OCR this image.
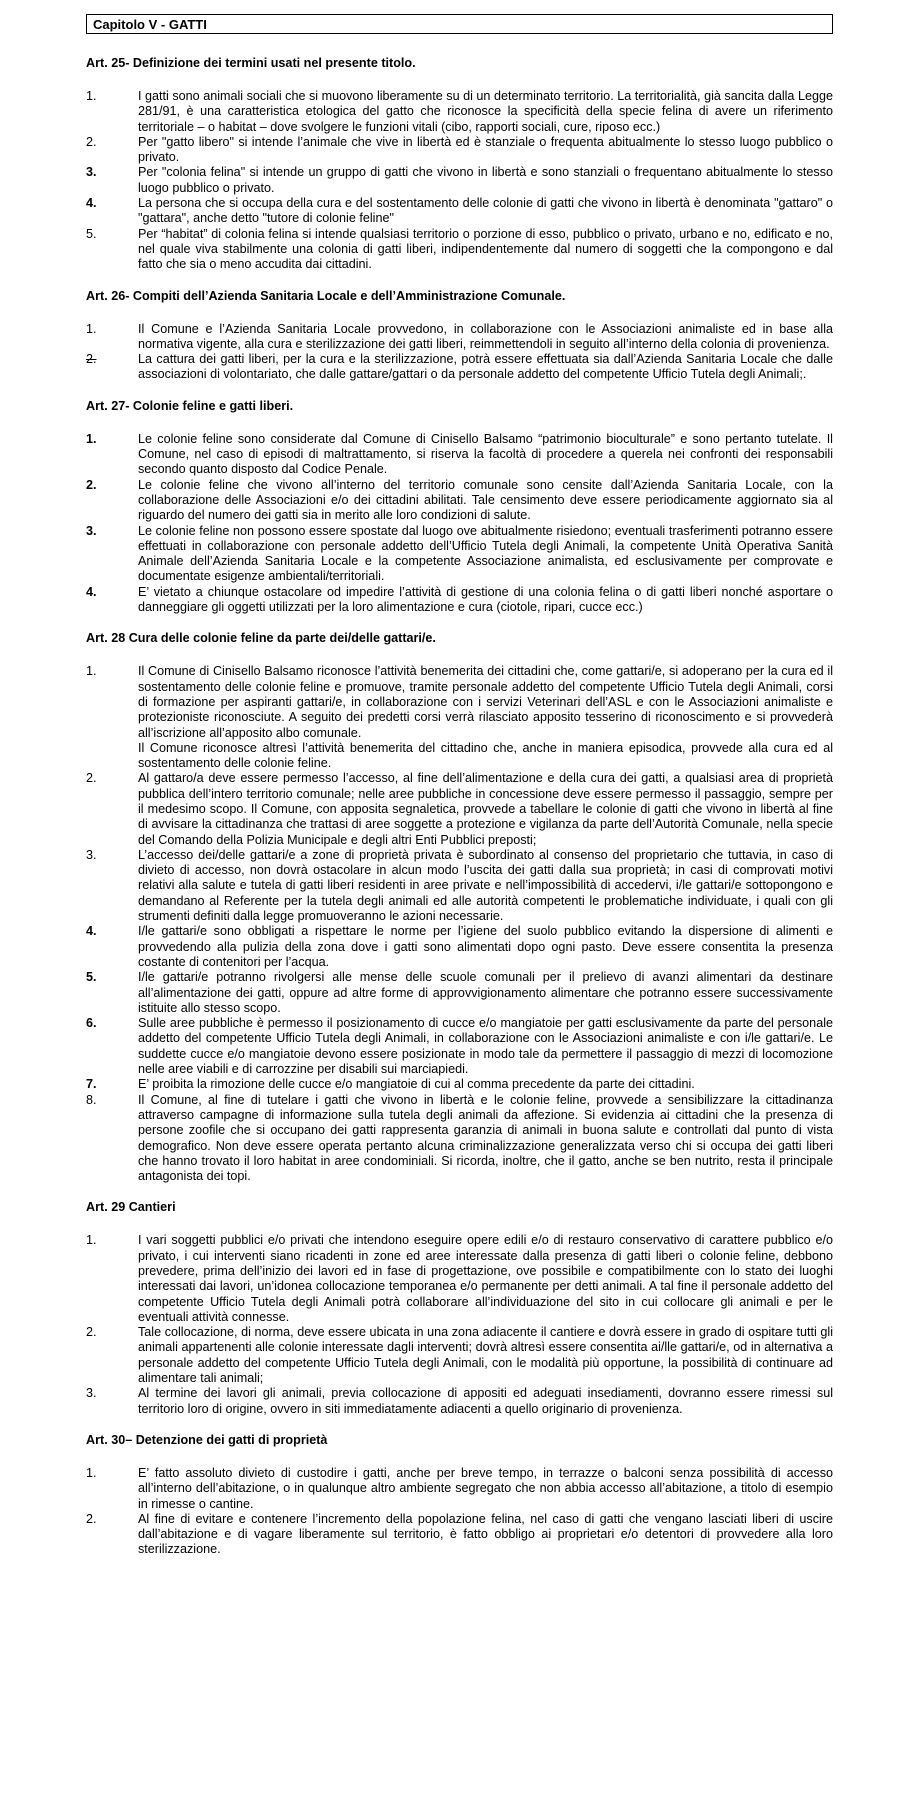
Capitolo V - GATTI
Art. 25- Definizione dei termini usati nel presente titolo.
1.	I gatti sono animali sociali che si muovono liberamente su di un determinato territorio. La territorialità, già sancita dalla Legge 281/91, è una caratteristica etologica del gatto che riconosce la specificità della specie felina di avere un riferimento territoriale – o habitat – dove svolgere le funzioni vitali (cibo, rapporti sociali, cure, riposo ecc.)
2.	Per "gatto libero" si intende l’animale che vive in libertà ed è stanziale o frequenta abitualmente lo stesso luogo pubblico o privato.
3.	Per "colonia felina" si intende un gruppo di gatti che vivono in libertà e sono stanziali o frequentano abitualmente lo stesso luogo pubblico o privato.
4.	La persona che si occupa della cura e del sostentamento delle colonie di gatti che vivono in libertà è denominata "gattaro" o "gattara", anche detto "tutore di colonie feline"
5.	Per “habitat” di colonia felina si intende qualsiasi territorio o porzione di esso, pubblico o privato, urbano e no, edificato e no, nel quale viva stabilmente una colonia di gatti liberi, indipendentemente dal numero di soggetti che la compongono e dal fatto che sia o meno accudita dai cittadini.
Art. 26- Compiti dell’Azienda Sanitaria Locale e dell’Amministrazione Comunale.
1.	Il Comune e l’Azienda Sanitaria Locale provvedono, in collaborazione con le Associazioni animaliste ed in base alla normativa vigente, alla cura e sterilizzazione dei gatti liberi, reimmettendoli in seguito all’interno della colonia di provenienza.
2.	La cattura dei gatti liberi, per la cura e la sterilizzazione, potrà essere effettuata sia dall’Azienda Sanitaria Locale che dalle associazioni di volontariato, che dalle gattare/gattari o da personale addetto del competente Ufficio Tutela degli Animali;.
Art. 27- Colonie feline e gatti liberi.
1.	Le colonie feline sono considerate dal Comune di Cinisello Balsamo “patrimonio bioculturale” e sono pertanto tutelate. Il Comune, nel caso di episodi di maltrattamento, si riserva la facoltà di procedere a querela nei confronti dei responsabili secondo quanto disposto dal Codice Penale.
2.	Le colonie feline che vivono all’interno del territorio comunale sono censite dall’Azienda Sanitaria Locale, con la collaborazione delle Associazioni e/o dei cittadini abilitati. Tale censimento deve essere periodicamente aggiornato sia al riguardo del numero dei gatti sia in merito alle loro condizioni di salute.
3.	Le colonie feline non possono essere spostate dal luogo ove abitualmente risiedono; eventuali trasferimenti potranno essere effettuati in collaborazione con personale addetto dell’Ufficio Tutela degli Animali, la competente Unità Operativa Sanità Animale dell’Azienda Sanitaria Locale e la competente Associazione animalista, ed esclusivamente per comprovate e documentate esigenze ambientali/territoriali.
4.	E’ vietato a chiunque ostacolare od impedire l’attività di gestione di una colonia felina o di gatti liberi nonché asportare o danneggiare gli oggetti utilizzati per la loro alimentazione e cura (ciotole, ripari, cucce ecc.)
Art. 28 Cura delle colonie feline da parte dei/delle gattari/e.
1.	Il Comune di Cinisello Balsamo riconosce l’attività benemerita dei cittadini che, come gattari/e, si adoperano per la cura ed il sostentamento delle colonie feline e promuove, tramite personale addetto del competente Ufficio Tutela degli Animali, corsi di formazione per aspiranti gattari/e, in collaborazione con i servizi Veterinari dell’ASL e con le Associazioni animaliste e protezioniste riconosciute. A seguito dei predetti corsi verrà rilasciato apposito tesserino di riconoscimento e si provvederà all’iscrizione all’apposito albo comunale.
Il Comune riconosce altresì l’attività benemerita del cittadino che, anche in maniera episodica, provvede alla cura ed al sostentamento delle colonie feline.
2.	Al gattaro/a deve essere permesso l’accesso, al fine dell’alimentazione e della cura dei gatti, a qualsiasi area di proprietà pubblica dell’intero territorio comunale; nelle aree pubbliche in concessione deve essere permesso il passaggio, sempre per il medesimo scopo. Il Comune, con apposita segnaletica, provvede a tabellare le colonie di gatti che vivono in libertà al fine di avvisare la cittadinanza che trattasi di aree soggette a protezione e vigilanza da parte dell’Autorità Comunale, nella specie del Comando della Polizia Municipale e degli altri Enti Pubblici preposti;
3.	L’accesso dei/delle gattari/e a zone di proprietà privata è subordinato al consenso del proprietario che tuttavia, in caso di divieto di accesso, non dovrà ostacolare in alcun modo l’uscita dei gatti dalla sua proprietà; in casi di comprovati motivi relativi alla salute e tutela di gatti liberi residenti in aree private e nell’impossibilità di accedervi, i/le gattari/e sottopongono e demandano al Referente per la tutela degli animali ed alle autorità competenti le problematiche individuate, i quali con gli strumenti definiti dalla legge promuoveranno le azioni necessarie.
4.	I/le gattari/e sono obbligati a rispettare le norme per l’igiene del suolo pubblico evitando la dispersione di alimenti e provvedendo alla pulizia della zona dove i gatti sono alimentati dopo ogni pasto. Deve essere consentita la presenza costante di contenitori per l’acqua.
5.	I/le gattari/e potranno rivolgersi alle mense delle scuole comunali per il prelievo di avanzi alimentari da destinare all’alimentazione dei gatti, oppure ad altre forme di approvvigionamento alimentare che potranno essere successivamente istituite allo stesso scopo.
6.	Sulle aree pubbliche è permesso il posizionamento di cucce e/o mangiatoie per gatti esclusivamente da parte del personale addetto del competente Ufficio Tutela degli Animali, in collaborazione con le Associazioni animaliste e con i/le gattari/e. Le suddette cucce e/o mangiatoie devono essere posizionate in modo tale da permettere il passaggio di mezzi di locomozione nelle aree viabili e di carrozzine per disabili sui marciapiedi.
7.	E’ proibita la rimozione delle cucce e/o mangiatoie di cui al comma precedente da parte dei cittadini.
8.	Il Comune, al fine di tutelare i gatti che vivono in libertà e le colonie feline, provvede a sensibilizzare la cittadinanza attraverso campagne di informazione sulla tutela degli animali da affezione. Si evidenzia ai cittadini che la presenza di persone zoofile che si occupano dei gatti rappresenta garanzia di animali in buona salute e controllati dal punto di vista demografico. Non deve essere operata pertanto alcuna criminalizzazione generalizzata verso chi si occupa dei gatti liberi che hanno trovato il loro habitat in aree condominiali. Si ricorda, inoltre, che il gatto, anche se ben nutrito, resta il principale antagonista dei topi.
Art. 29 Cantieri
1.	I vari soggetti pubblici e/o privati che intendono eseguire opere edili e/o di restauro conservativo di carattere pubblico e/o privato, i cui interventi siano ricadenti in zone ed aree interessate dalla presenza di gatti liberi o colonie feline, debbono prevedere, prima dell’inizio dei lavori ed in fase di progettazione, ove possibile e compatibilmente con lo stato dei luoghi interessati dai lavori, un’idonea collocazione temporanea e/o permanente per detti animali. A tal fine il personale addetto del competente Ufficio Tutela degli Animali potrà collaborare all’individuazione del sito in cui collocare gli animali e per le eventuali attività connesse.
2.	Tale collocazione, di norma, deve essere ubicata in una zona adiacente il cantiere e dovrà essere in grado di ospitare tutti gli animali appartenenti alle colonie interessate dagli interventi; dovrà altresì essere consentita ai/lle gattari/e, od in alternativa a personale addetto del competente Ufficio Tutela degli Animali, con le modalità più opportune, la possibilità di continuare ad alimentare tali animali;
3.	Al termine dei lavori gli animali, previa collocazione di appositi ed adeguati insediamenti, dovranno essere rimessi sul territorio loro di origine, ovvero in siti immediatamente adiacenti a quello originario di provenienza.
Art. 30– Detenzione dei gatti di proprietà
1.	E’ fatto assoluto divieto di custodire i gatti, anche per breve tempo, in terrazze o balconi senza possibilità di accesso all’interno dell’abitazione, o in qualunque altro ambiente segregato che non abbia accesso all’abitazione, a titolo di esempio in rimesse o cantine.
2.	Al fine di evitare e contenere l’incremento della popolazione felina, nel caso di gatti che vengano lasciati liberi di uscire dall’abitazione e di vagare liberamente sul territorio, è fatto obbligo ai proprietari e/o detentori di provvedere alla loro sterilizzazione.
